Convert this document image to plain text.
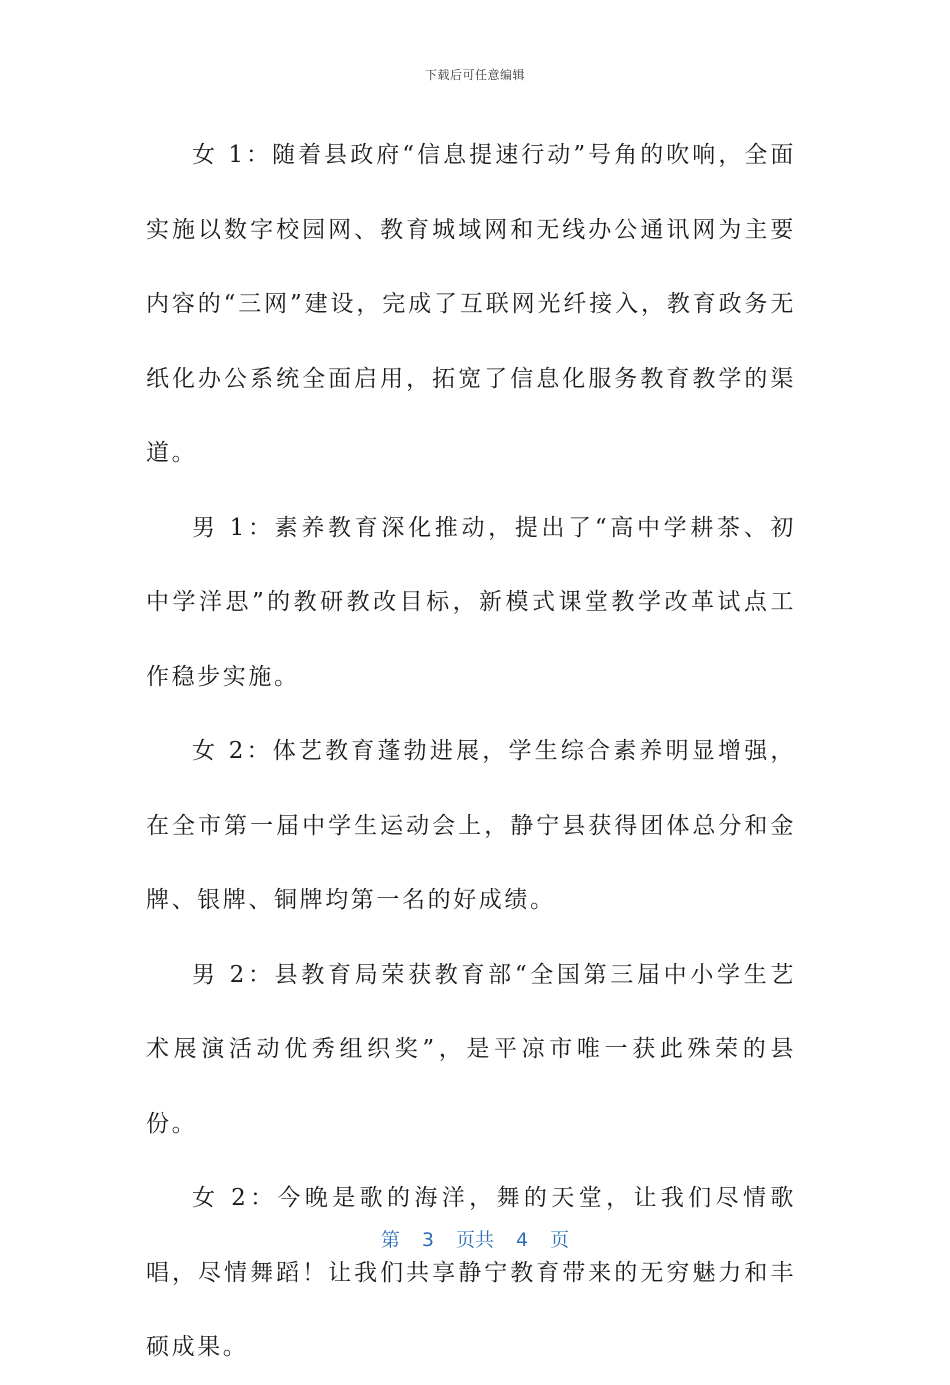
下载后可任意编辑

女 1：随着县政府“信息提速行动”号角的吹响，全面实施以数字校园网、教育城域网和无线办公通讯网为主要内容的“三网”建设，完成了互联网光纤接入，教育政务无纸化办公系统全面启用，拓宽了信息化服务教育教学的渠道。

男 1：素养教育深化推动，提出了“高中学耕茶、初中学洋思”的教研教改目标，新模式课堂教学改革试点工作稳步实施。

女 2：体艺教育蓬勃进展，学生综合素养明显增强，在全市第一届中学生运动会上，静宁县获得团体总分和金牌、银牌、铜牌均第一名的好成绩。

男 2：县教育局荣获教育部“全国第三届中小学生艺术展演活动优秀组织奖”，是平凉市唯一获此殊荣的县份。

女 2：今晚是歌的海洋，舞的天堂，让我们尽情歌唱，尽情舞蹈！让我们共享静宁教育带来的无穷魅力和丰硕成果。

第 3 页共 4 页
